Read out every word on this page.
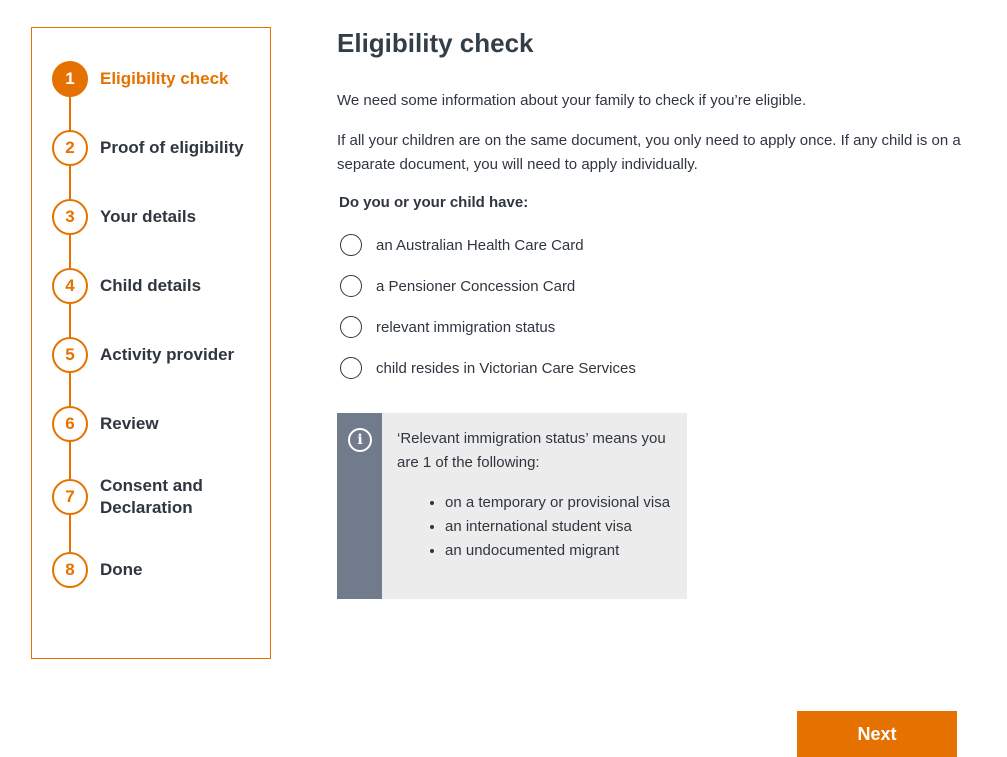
1	Eligibility check
2	Proof of eligibility
3	Your details
4	Child details
5	Activity provider
6	Review
7
Consent and Declaration
8	Done
Eligibility check

We need some information about your family to check if you’re eligible.

If all your children are on the same document, you only need to apply once. If any child is on a separate document, you will need to apply individually.

Do you or your child have:

an Australian Health Care Card
a Pensioner Concession Card
relevant immigration status
child resides in Victorian Care Services
i	‘Relevant immigration status’ means you are 1 of the following:

• on a temporary or provisional visa
• an international student visa
• an undocumented migrant
Next
